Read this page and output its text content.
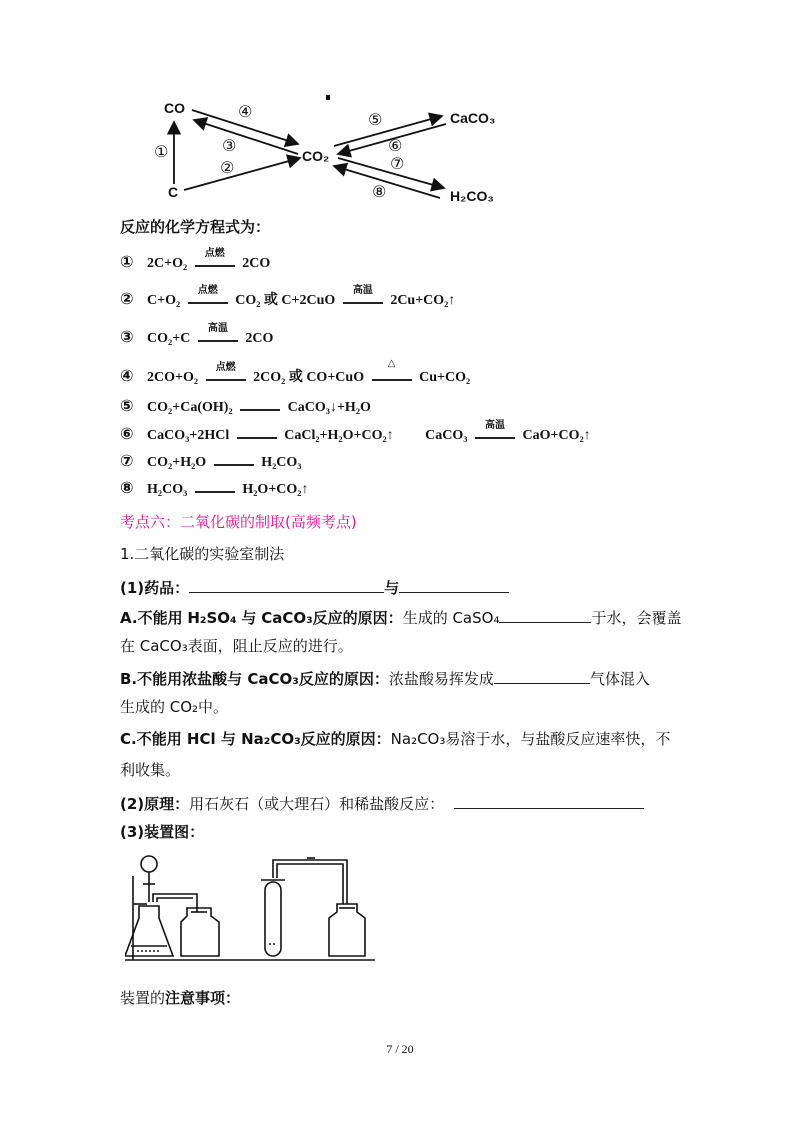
CO
C
CO₂
CaCO₃
H₂CO₃
①
②
③
④	⑤
⑥
⑦
⑧
反应的化学方程式为：
① 2C+O₂
点燃
2CO
② C+O₂
点燃
CO₂ 或 C+2CuO
高温
2Cu+CO₂↑
③ CO₂+C
高温
2CO
④ 2CO+O₂
点燃
2CO₂ 或 CO+CuO
△
Cu+CO₂
⑤ CO₂+Ca(OH)₂	CaCO₃↓+H₂O
⑥ CaCO₃+2HCl	CaCl₂+H₂O+CO₂↑ CaCO₃
高温
CaO+CO₂↑
⑦ CO₂+H₂O	H₂CO₃
⑧ H₂CO₃	H₂O+CO₂↑
考点六：二氧化碳的制取(高频考点)
1.二氧化碳的实验室制法
(1)药品：	与
A.不能用 H₂SO₄ 与 CaCO₃反应的原因：生成的 CaSO₄	于水，会覆盖
在 CaCO₃表面，阻止反应的进行。
B.不能用浓盐酸与 CaCO₃反应的原因：浓盐酸易挥发成	气体混入
生成的 CO₂中。
C.不能用 HCl 与 Na₂CO₃反应的原因：Na₂CO₃易溶于水，与盐酸反应速率快，不
利收集。
(2)原理：用石灰石（或大理石）和稀盐酸反应：
(3)装置图：
装置的注意事项：
7 / 20
